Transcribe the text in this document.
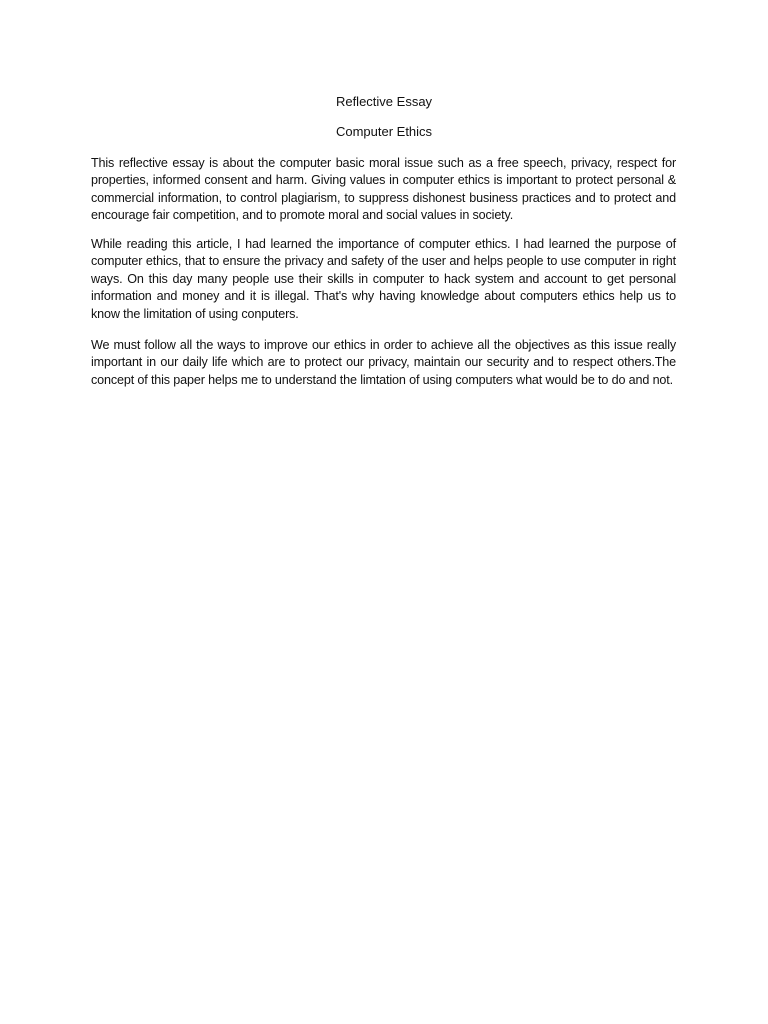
Reflective Essay
Computer Ethics

This reflective essay is about the computer basic moral issue such as a free speech, privacy, respect for properties, informed consent and harm. Giving values in computer ethics is important to protect personal & commercial information, to control plagiarism, to suppress dishonest business practices and to protect and encourage fair competition, and to promote moral and social values in society.

While reading this article, I had learned the importance of computer ethics. I had learned the purpose of computer ethics, that to ensure the privacy and safety of the user and helps people to use computer in right ways. On this day many people use their skills in computer to hack system and account to get personal information and money and it is illegal. That's why having knowledge about computers ethics help us to know the limitation of using conputers.

We must follow all the ways to improve our ethics in order to achieve all the objectives as this issue really important in our daily life which are to protect our privacy, maintain our security and to respect others.The concept of this paper helps me to understand the limtation of using computers what would be to do and not.
